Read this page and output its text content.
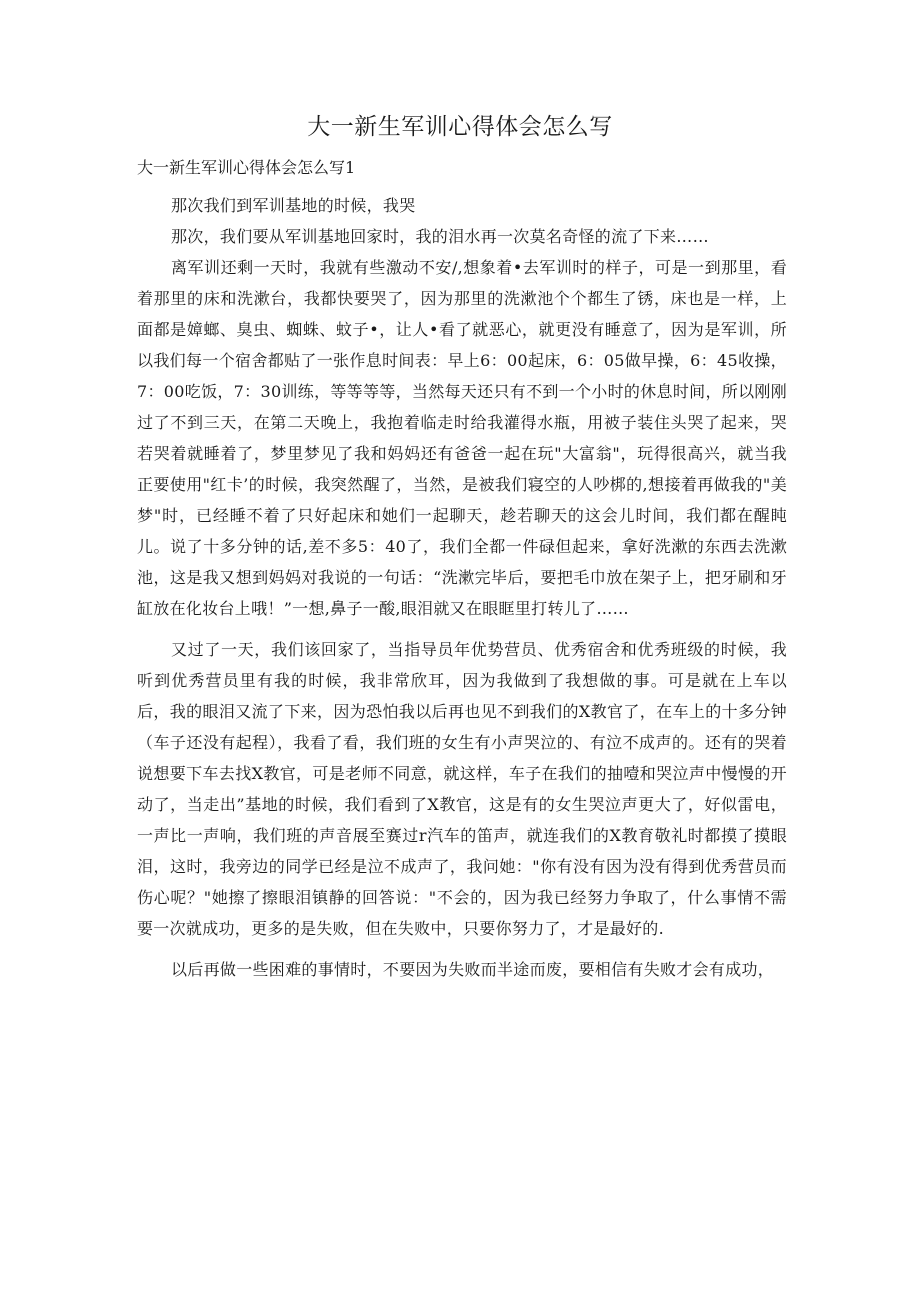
大一新生军训心得体会怎么写

大一新生军训心得体会怎么写1

那次我们到军训基地的时候，我哭

那次，我们要从军训基地回家时，我的泪水再一次莫名奇怪的流了下来……

离军训还剩一天时，我就有些激动不安/,想象着•去军训时的样子，可是一到那里，看着那里的床和洗漱台，我都快要哭了，因为那里的洗漱池个个都生了锈，床也是一样，上面都是嫜螂、臭虫、蜘蛛、蚊子•，让人•看了就恶心，就更没有睡意了，因为是军训，所以我们每一个宿舍都贴了一张作息时间表：早上6：00起床，6：05做早操，6：45收操，7：00吃饭，7：30训练，等等等等，当然每天还只有不到一个小时的休息时间，所以刚刚过了不到三天，在第二天晚上，我抱着临走时给我灌得水瓶，用被子装住头哭了起来，哭若哭着就睡着了，梦里梦见了我和妈妈还有爸爸一起在玩"大富翁"，玩得很高兴，就当我正要使用"红卡’的时候，我突然醒了，当然，是被我们寝空的人吵梆的,想接着再做我的"美梦"时，已经睡不着了只好起床和她们一起聊天，趁若聊天的这会儿时间，我们都在醒盹儿。说了十多分钟的话,差不多5：40了，我们全都一件碌但起来，拿好洗漱的东西去洗漱池，这是我又想到妈妈对我说的一句话：“洗漱完毕后，要把毛巾放在架子上，把牙刷和牙缸放在化妆台上哦！”一想,鼻子一酸,眼泪就又在眼眶里打转儿了……

又过了一天，我们该回家了，当指导员年优势营员、优秀宿舍和优秀班级的时候，我听到优秀营员里有我的时候，我非常欣耳，因为我做到了我想做的事。可是就在上车以后，我的眼泪又流了下来，因为恐怕我以后再也见不到我们的X教官了，在车上的十多分钟（车子还没有起程），我看了看，我们班的女生有小声哭泣的、有泣不成声的。还有的哭着说想要下车去找X教官，可是老师不同意，就这样，车子在我们的抽噎和哭泣声中慢慢的开动了，当走出”基地的时候，我们看到了X教官，这是有的女生哭泣声更大了，好似雷电，一声比一声响，我们班的声音展至赛过r汽车的笛声，就连我们的X教育敬礼时都摸了摸眼泪，这时，我旁边的同学已经是泣不成声了，我问她："你有没有因为没有得到优秀营员而伤心呢？"她擦了擦眼泪镇静的回答说："不会的，因为我已经努力争取了，什么事情不需要一次就成功，更多的是失败，但在失败中，只要你努力了，才是最好的.

以后再做一些困难的事情时，不要因为失败而半途而废，要相信有失败才会有成功，
